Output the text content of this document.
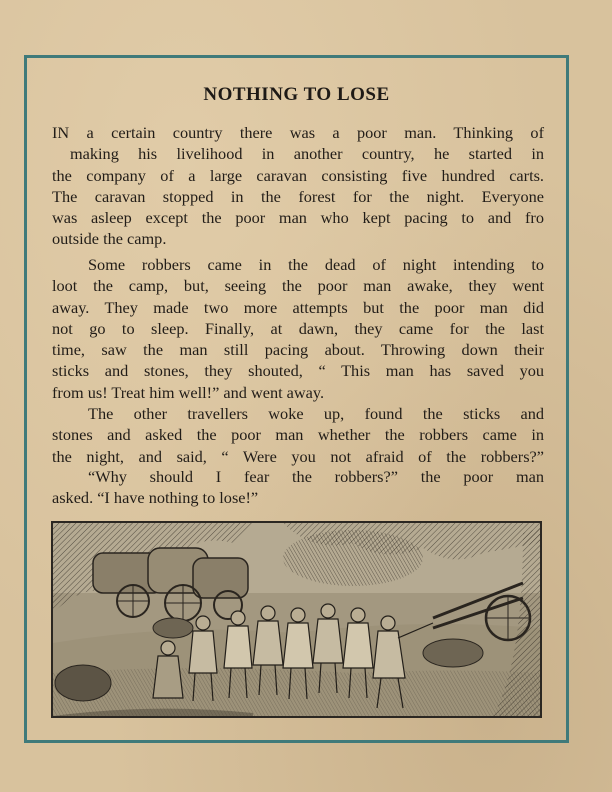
NOTHING TO LOSE
IN a certain country there was a poor man. Thinking of
making his livelihood in another country, he started in
the company of a large caravan consisting five hundred carts.
The caravan stopped in the forest for the night. Everyone
was asleep except the poor man who kept pacing to and fro
outside the camp.
Some robbers came in the dead of night intending to
loot the camp, but, seeing the poor man awake, they went
away. They made two more attempts but the poor man did
not go to sleep. Finally, at dawn, they came for the last
time, saw the man still pacing about. Throwing down their
sticks and stones, they shouted, “ This man has saved you
from us! Treat him well!” and went away.
The other travellers woke up, found the sticks and
stones and asked the poor man whether the robbers came in
the night, and said, “ Were you not afraid of the robbers?”
“Why should I fear the robbers?” the poor man
asked. “I have nothing to lose!”
